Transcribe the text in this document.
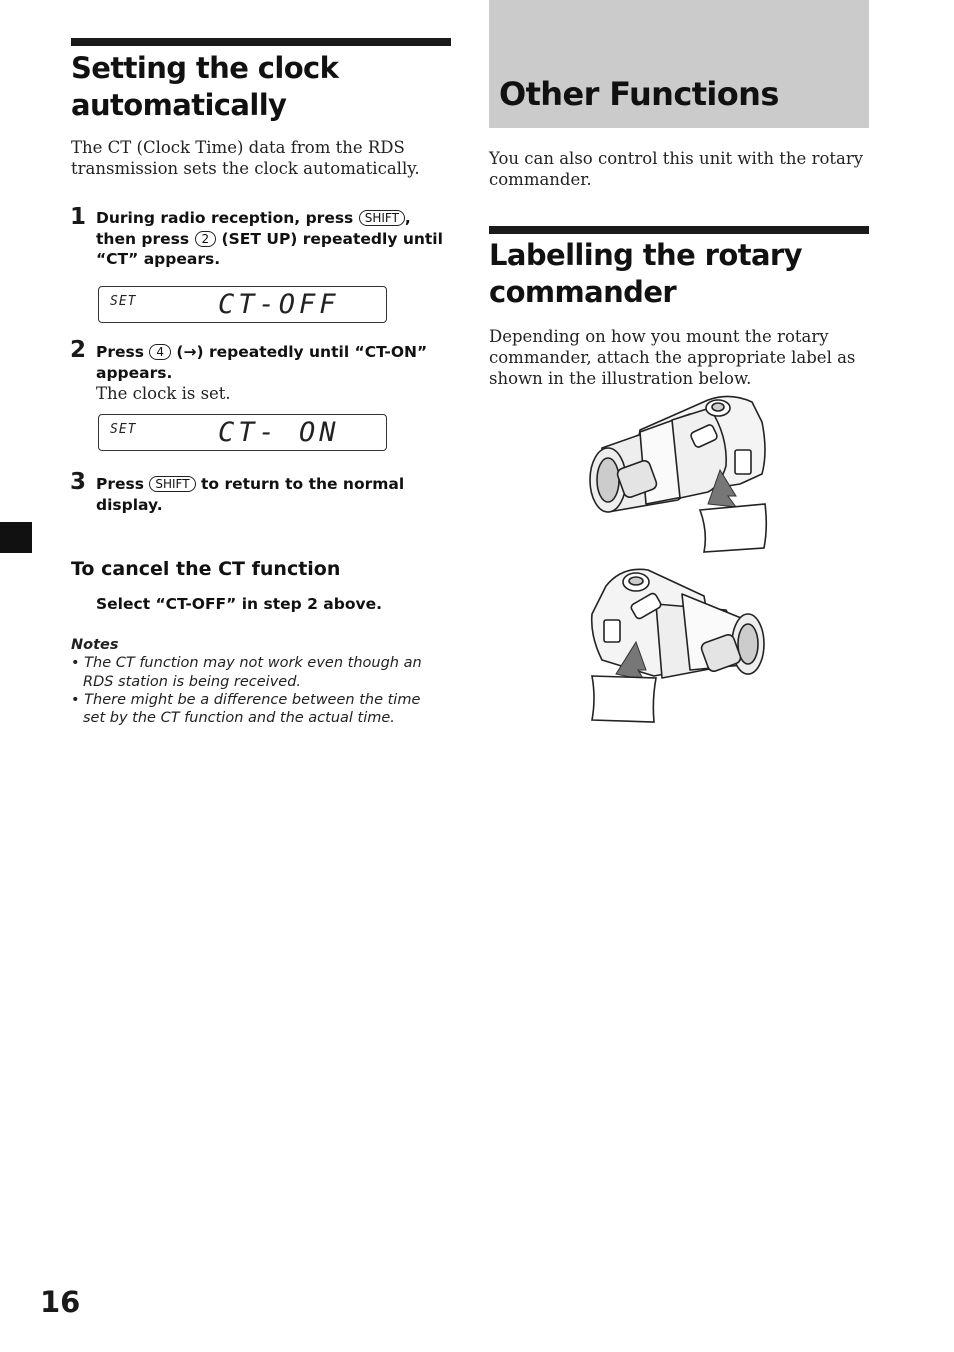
Setting the clock
automatically
The CT (Clock Time) data from the RDS
transmission sets the clock automatically.
1 During radio reception, press SHIFT ,
then press 2 (SET UP) repeatedly until
“CT” appears.
SET	CT-OFF
2 Press 4 (→) repeatedly until “CT-ON”
appears.
The clock is set.
SET	CT- ON
3 Press SHIFT to return to the normal
display.
To cancel the CT function
Select “CT-OFF” in step 2 above.
Notes
• The CT function may not work even though an
RDS station is being received.
• There might be a difference between the time
set by the CT function and the actual time.
Other Functions
You can also control this unit with the rotary
commander.
Labelling the rotary
commander
Depending on how you mount the rotary
commander, attach the appropriate label as
shown in the illustration below.
16
